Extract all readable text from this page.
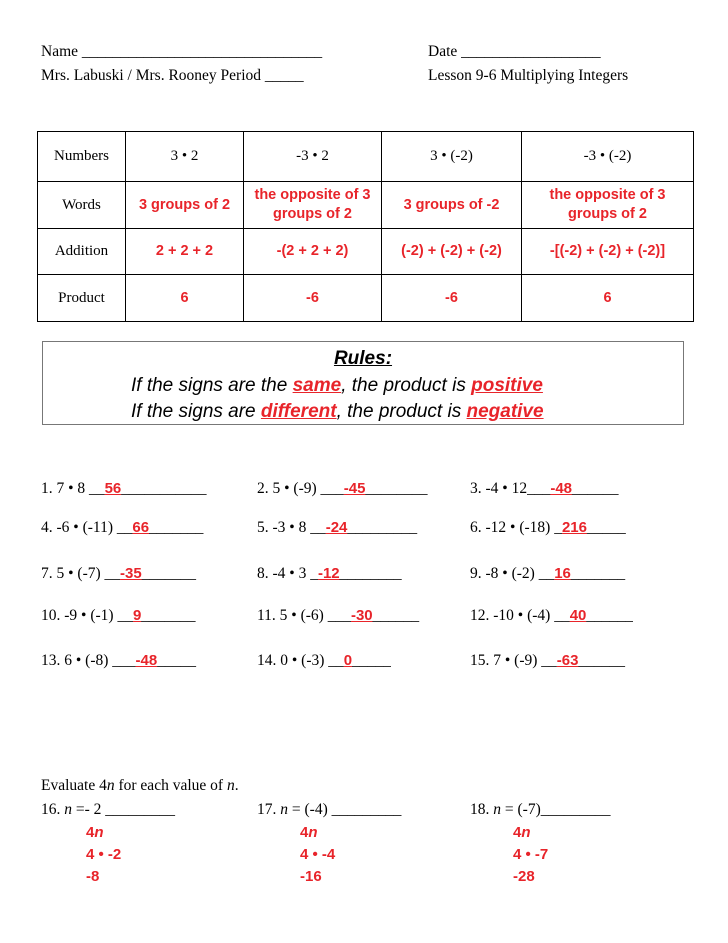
Name _______________________________	Date __________________
Mrs. Labuski / Mrs. Rooney Period _____	Lesson 9-6 Multiplying Integers
Numbers	3 • 2	-3 • 2	3 • (-2)	-3 • (-2)
Words	3 groups of 2	the opposite of 3 groups of 2	3 groups of -2	the opposite of 3 groups of 2
Addition	2 + 2 + 2	-(2 + 2 + 2)	(-2) + (-2) + (-2)	-[(-2) + (-2) + (-2)]
Product	6	-6	-6	6
Rules:
If the signs are the same, the product is positive
If the signs are different, the product is negative
1. 7 • 8 __56___________	2. 5 • (-9) ___-45________	3. -4 • 12___-48______
4. -6 • (-11) __66_______	5. -3 • 8 __-24_________	6. -12 • (-18) _216_____
7. 5 • (-7) __-35_______	8. -4 • 3 _-12________	9. -8 • (-2) __16_______
10. -9 • (-1) __9_______	11. 5 • (-6) ___-30______	12. -10 • (-4) __40______
13. 6 • (-8) ___-48_____	14. 0 • (-3) __0_____	15. 7 • (-9) __-63______
Evaluate 4n for each value of n.
16. n =- 2 _________
4n
4 • -2
-8
17. n = (-4) _________
4n
4 • -4
-16
18. n = (-7)_________
4n
4 • -7
-28
